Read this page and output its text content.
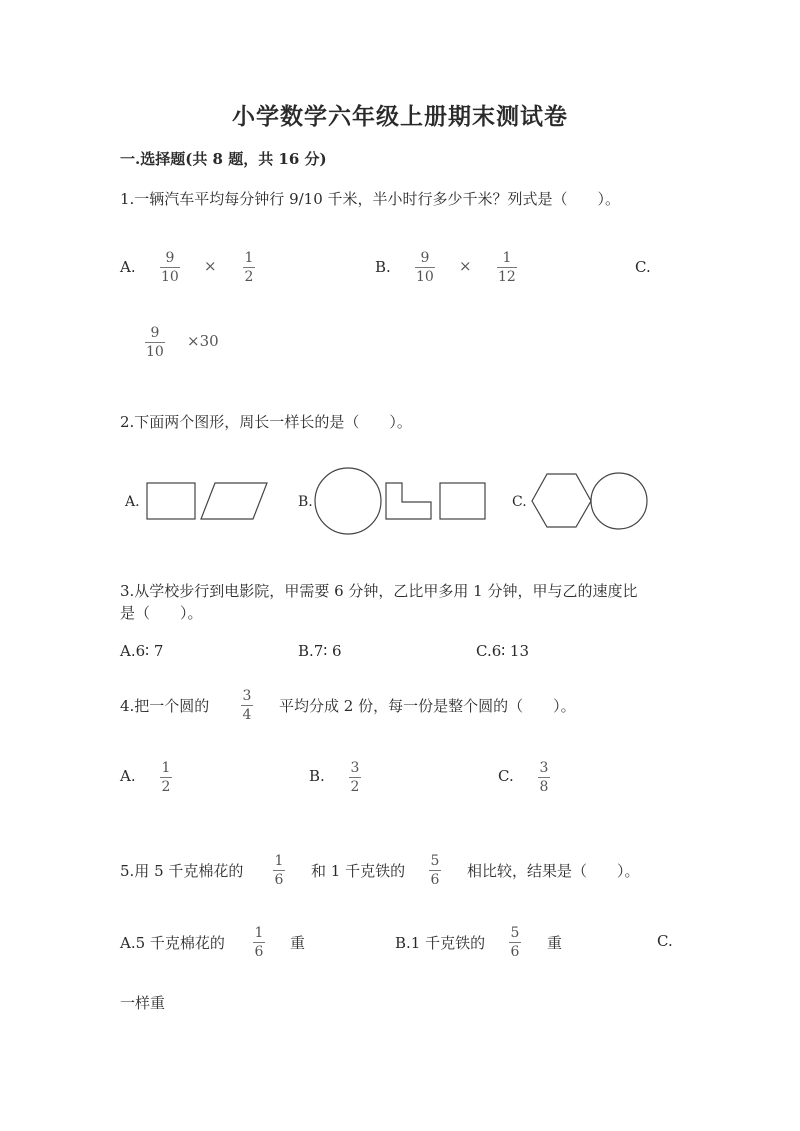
小学数学六年级上册期末测试卷
一.选择题(共 8 题，共 16 分)
1.一辆汽车平均每分钟行 9/10 千米，半小时行多少千米？列式是（　　）。
A. 9
10
× 1
2
B. 9
10
× 1
12
C.
9
10
×30
2.下面两个图形，周长一样长的是（　　）。
A.	B.	C.
3.从学校步行到电影院，甲需要 6 分钟，乙比甲多用 1 分钟，甲与乙的速度比
是（　　）。
A.6∶ 7	B.7∶ 6	C.6∶ 13
4.把一个圆的
3
4 平均分成 2 份，每一份是整个圆的（　　）。
A. 1
2
B. 3
2
C. 3
8
5.用 5 千克棉花的
1
6 和 1 千克铁的
5
6 相比较，结果是（　　）。
A.5 千克棉花的
1
6 重	B.1 千克铁的
5
6 重	C.
一样重
